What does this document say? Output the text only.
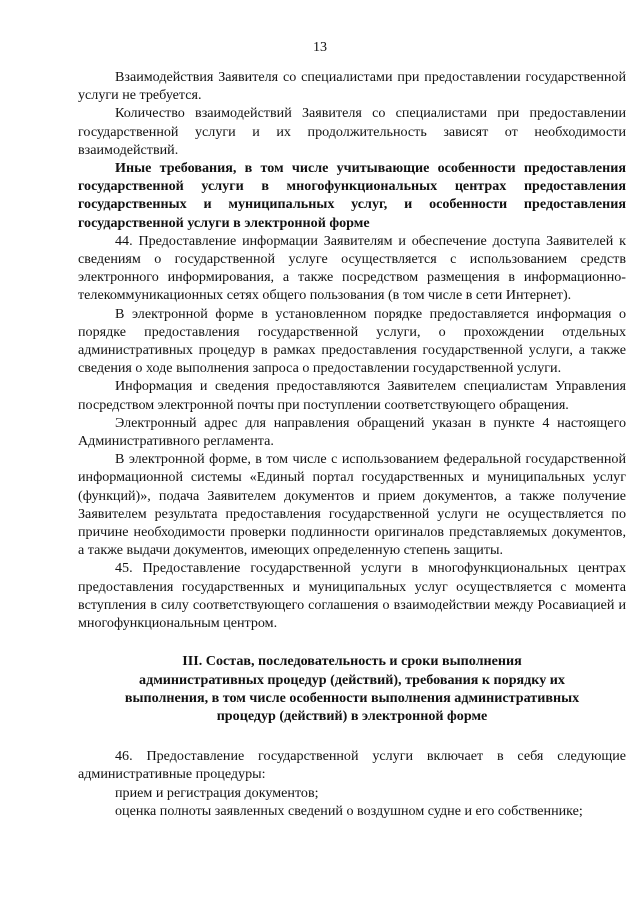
13

Взаимодействия Заявителя со специалистами при предоставлении государственной услуги не требуется.

Количество взаимодействий Заявителя со специалистами при предоставлении государственной услуги и их продолжительность зависят от необходимости взаимодействий.

Иные требования, в том числе учитывающие особенности предоставления государственной услуги в многофункциональных центрах предоставления государственных и муниципальных услуг, и особенности предоставления государственной услуги в электронной форме

44. Предоставление информации Заявителям и обеспечение доступа Заявителей к сведениям о государственной услуге осуществляется с использованием средств электронного информирования, а также посредством размещения в информационно-телекоммуникационных сетях общего пользования (в том числе в сети Интернет).

В электронной форме в установленном порядке предоставляется информация о порядке предоставления государственной услуги, о прохождении отдельных административных процедур в рамках предоставления государственной услуги, а также сведения о ходе выполнения запроса о предоставлении государственной услуги.

Информация и сведения предоставляются Заявителем специалистам Управления посредством электронной почты при поступлении соответствующего обращения.

Электронный адрес для направления обращений указан в пункте 4 настоящего Административного регламента.

В электронной форме, в том числе с использованием федеральной государственной информационной системы «Единый портал государственных и муниципальных услуг (функций)», подача Заявителем документов и прием документов, а также получение Заявителем результата предоставления государственной услуги не осуществляется по причине необходимости проверки подлинности оригиналов представляемых документов, а также выдачи документов, имеющих определенную степень защиты.

45. Предоставление государственной услуги в многофункциональных центрах предоставления государственных и муниципальных услуг осуществляется с момента вступления в силу соответствующего соглашения о взаимодействии между Росавиацией и многофункциональным центром.

III. Состав, последовательность и сроки выполнения
административных процедур (действий), требования к порядку их
выполнения, в том числе особенности выполнения административных
процедур (действий) в электронной форме

46. Предоставление государственной услуги включает в себя следующие административные процедуры:

прием и регистрация документов;

оценка полноты заявленных сведений о воздушном судне и его собственнике;
